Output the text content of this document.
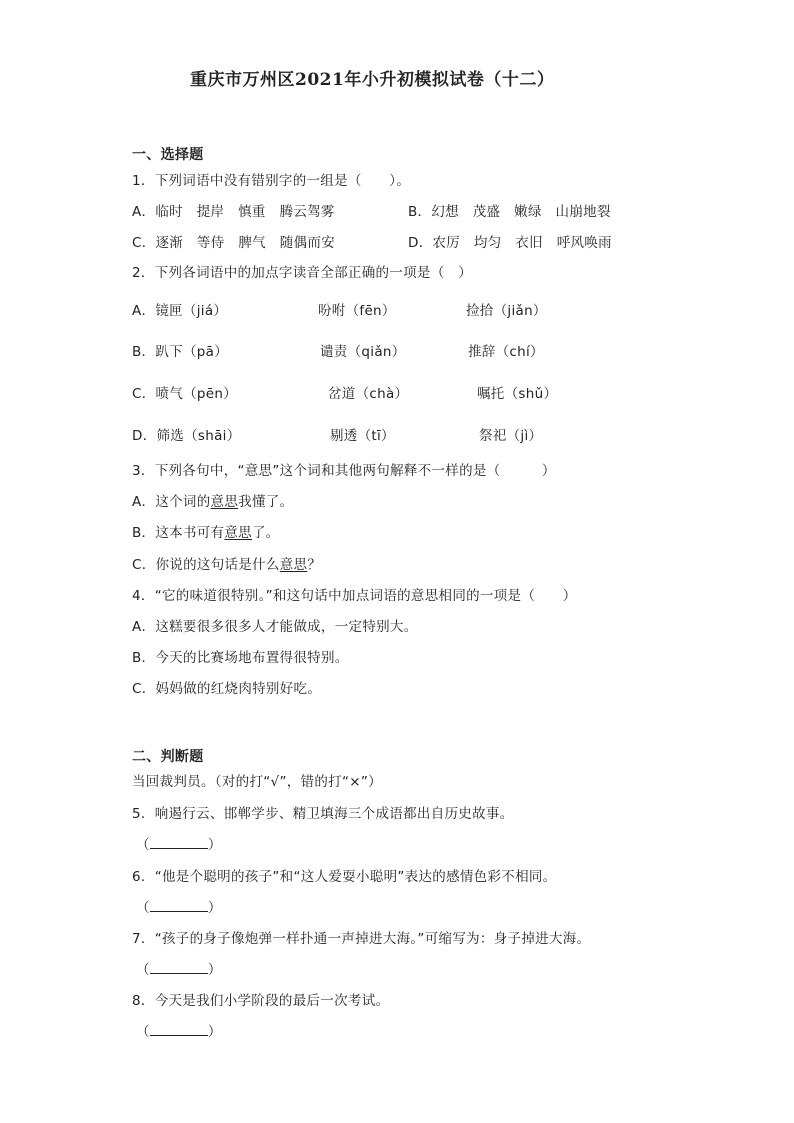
重庆市万州区2021年小升初模拟试卷（十二）
一、选择题
1．下列词语中没有错别字的一组是（　　）。
A．临时　提岸　慎重　腾云驾雾	B．幻想　茂盛　嫩绿　山崩地裂
C．逐渐　等侍　脾气　随偶而安	D．农厉　均匀　衣旧　呼风唤雨
2．下列各词语中的加点字读音全部正确的一项是（　）
A．镜匣（jiá）	吩咐（fēn）	捡拾（jiǎn）
B．趴下（pā）	谴责（qiǎn）	推辞（chí）
C．喷气（pēn）	岔道（chà）	嘱托（shǔ）
D．筛选（shāi）	剔透（tī）	祭祀（jì）
3．下列各句中，“意思”这个词和其他两句解释不一样的是（　　　）
A．这个词的意思我懂了。
B．这本书可有意思了。
C．你说的这句话是什么意思？
4．“它的味道很特别。”和这句话中加点词语的意思相同的一项是（　　）
A．这糕要很多很多人才能做成，一定特别大。
B．今天的比赛场地布置得很特别。
C．妈妈做的红烧肉特别好吃。
二、判断题
当回裁判员。（对的打“√”，错的打“×”）
5．响遏行云、邯郸学步、精卫填海三个成语都出自历史故事。
（	）
6．“他是个聪明的孩子”和“这人爱耍小聪明”表达的感情色彩不相同。
（	）
7．“孩子的身子像炮弹一样扑通一声掉进大海。”可缩写为：身子掉进大海。
（	）
8．今天是我们小学阶段的最后一次考试。
（	）
